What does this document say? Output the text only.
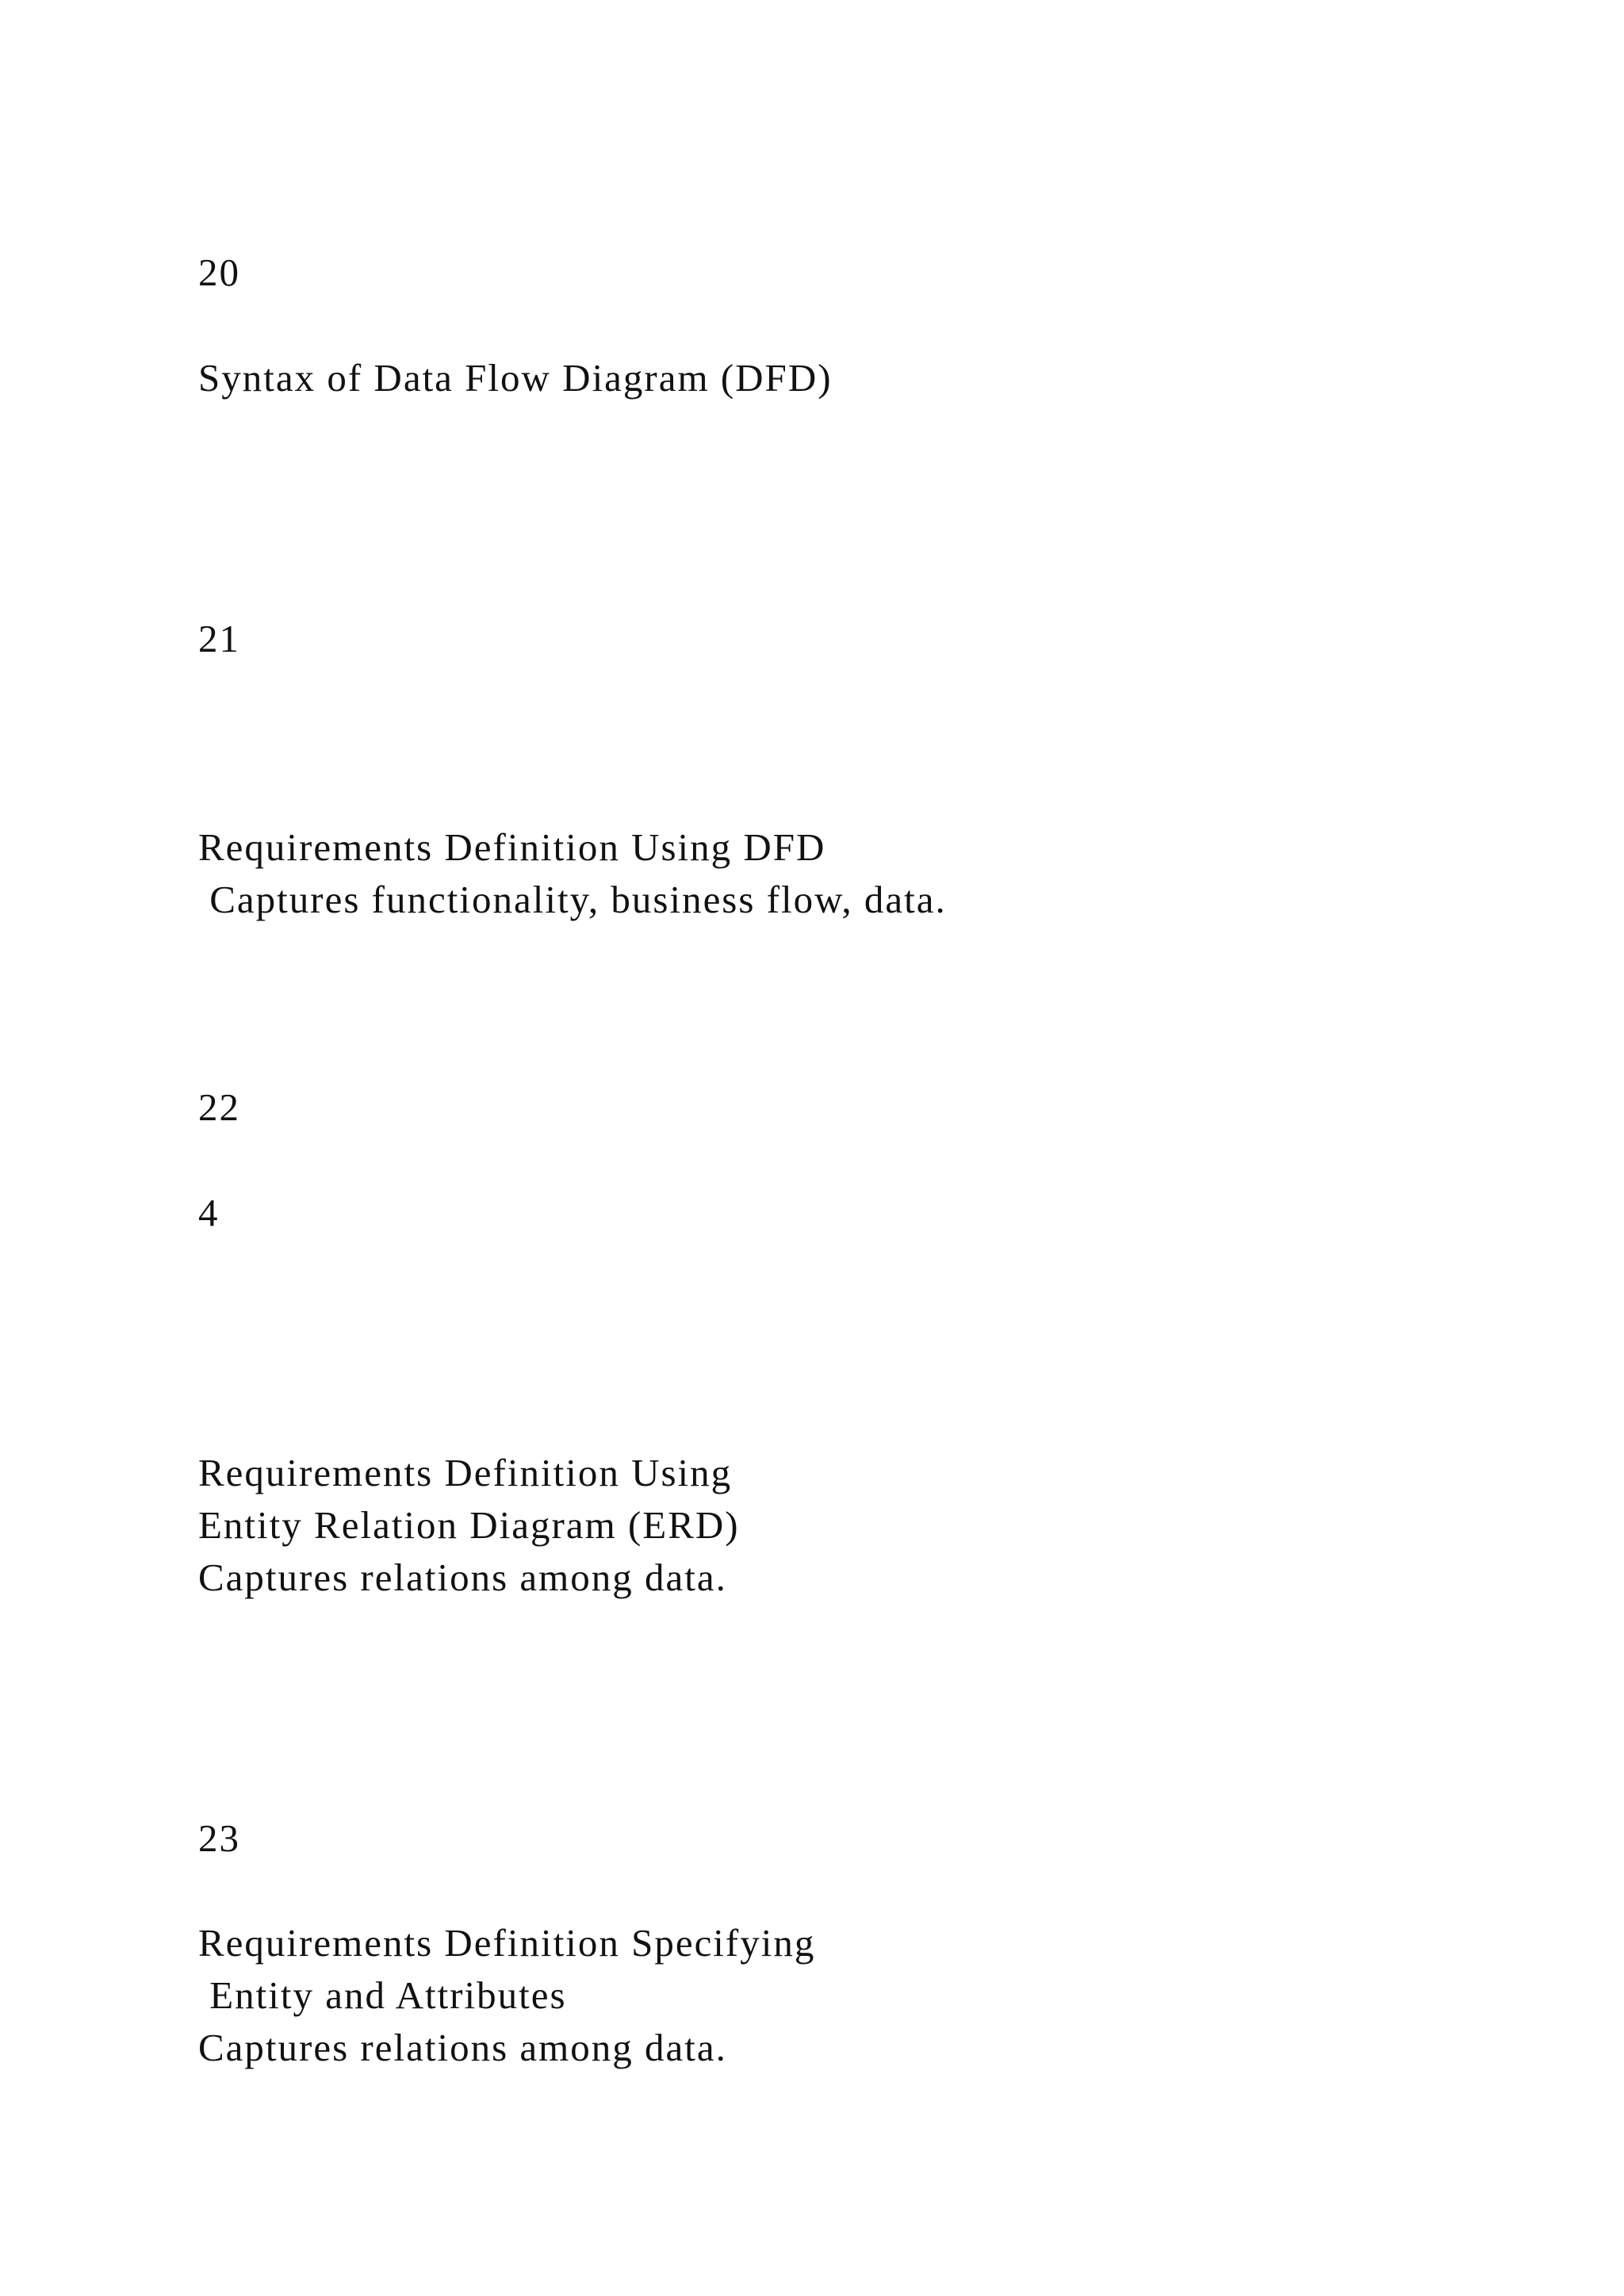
20

Syntax of Data Flow Diagram (DFD)

21

Requirements Definition Using DFD

Captures functionality, business flow, data.

22

4

Requirements Definition Using

Entity Relation Diagram (ERD)

Captures relations among data.

23

Requirements Definition Specifying

Entity and Attributes

Captures relations among data.
